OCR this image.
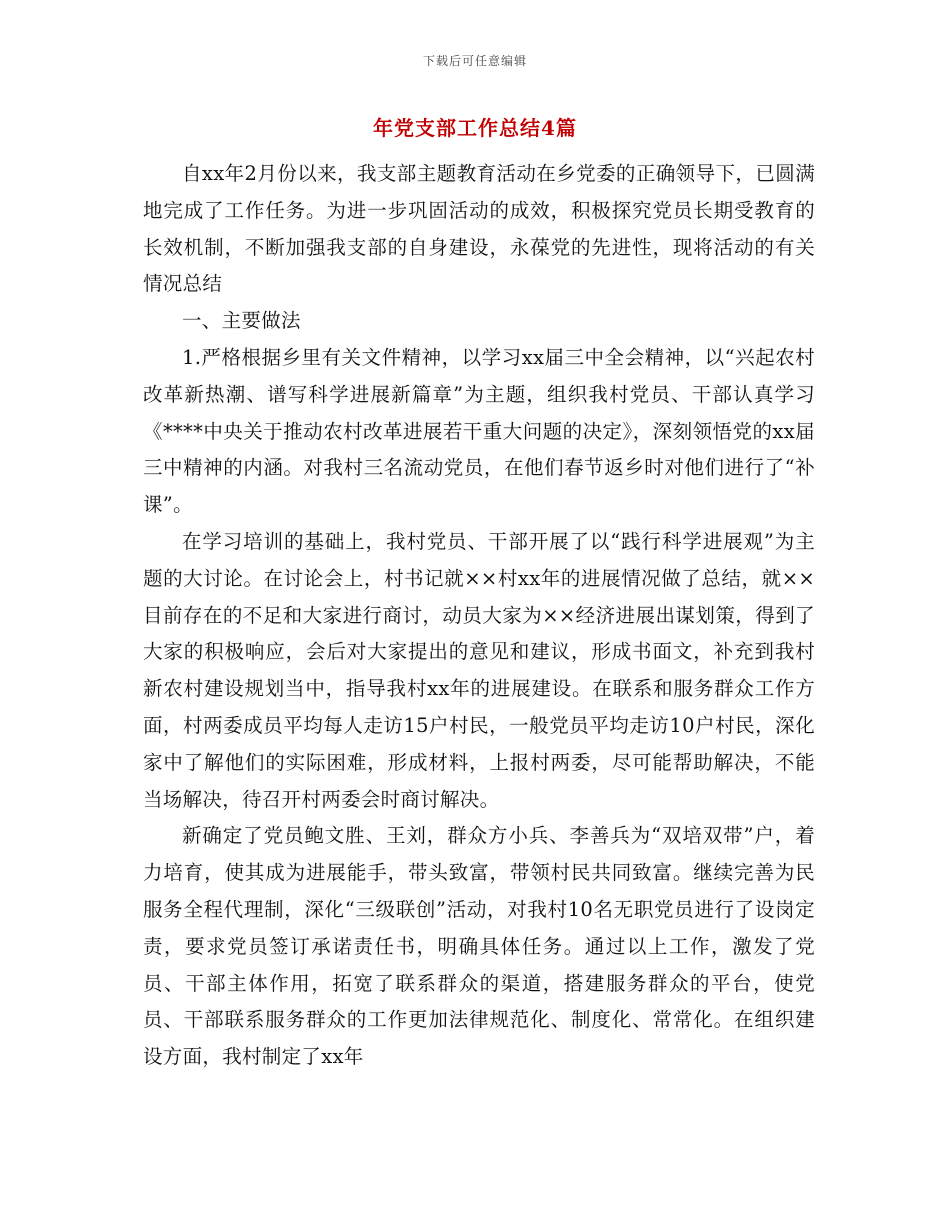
下载后可任意编辑
年党支部工作总结4篇

自xx年2月份以来，我支部主题教育活动在乡党委的正确领导下，已圆满地完成了工作任务。为进一步巩固活动的成效，积极探究党员长期受教育的长效机制，不断加强我支部的自身建设，永葆党的先进性，现将活动的有关情况总结

一、主要做法

1.严格根据乡里有关文件精神，以学习xx届三中全会精神，以“兴起农村改革新热潮、谱写科学进展新篇章”为主题，组织我村党员、干部认真学习《****中央关于推动农村改革进展若干重大问题的决定》，深刻领悟党的xx届三中精神的内涵。对我村三名流动党员，在他们春节返乡时对他们进行了“补课”。

在学习培训的基础上，我村党员、干部开展了以“践行科学进展观”为主题的大讨论。在讨论会上，村书记就××村xx年的进展情况做了总结，就××目前存在的不足和大家进行商讨，动员大家为××经济进展出谋划策，得到了大家的积极响应，会后对大家提出的意见和建议，形成书面文，补充到我村新农村建设规划当中，指导我村xx年的进展建设。在联系和服务群众工作方面，村两委成员平均每人走访15户村民，一般党员平均走访10户村民，深化家中了解他们的实际困难，形成材料，上报村两委，尽可能帮助解决，不能当场解决，待召开村两委会时商讨解决。

新确定了党员鲍文胜、王刘，群众方小兵、李善兵为“双培双带”户，着力培育，使其成为进展能手，带头致富，带领村民共同致富。继续完善为民服务全程代理制，深化“三级联创”活动，对我村10名无职党员进行了设岗定责，要求党员签订承诺责任书，明确具体任务。通过以上工作，激发了党员、干部主体作用，拓宽了联系群众的渠道，搭建服务群众的平台，使党员、干部联系服务群众的工作更加法律规范化、制度化、常常化。在组织建设方面，我村制定了xx年
